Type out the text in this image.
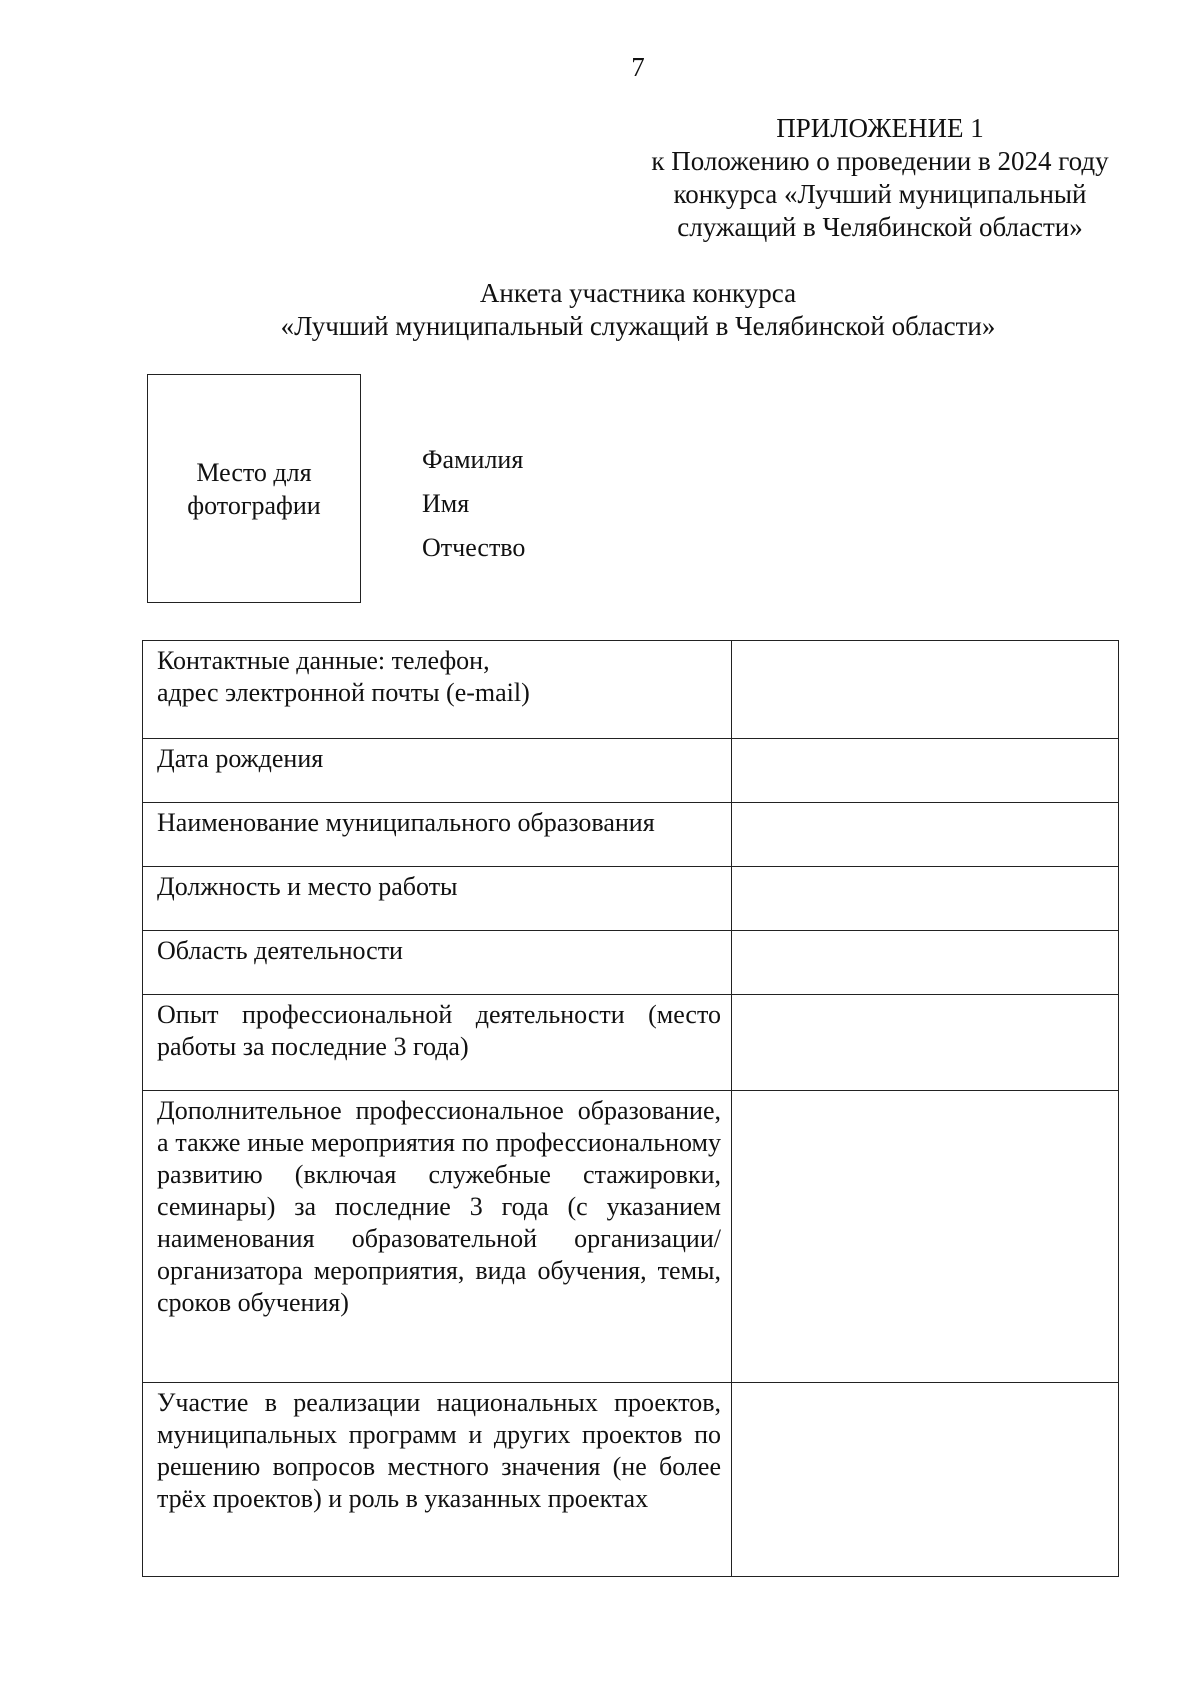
7
ПРИЛОЖЕНИЕ 1
к Положению о проведении в 2024 году
конкурса «Лучший муниципальный
служащий в Челябинской области»
Анкета участника конкурса
«Лучший муниципальный служащий в Челябинской области»
Место для
фотографии
Фамилия
Имя
Отчество
Контактные данные: телефон,
адрес электронной почты (e-mail)	
Дата рождения	
Наименование муниципального образования	
Должность и место работы	
Область деятельности	
Опыт профессиональной деятельности (место работы за последние 3 года)	
Дополнительное профессиональное образование, а также иные мероприятия по профессиональному развитию (включая служебные стажировки, семинары) за последние 3 года (с указанием наименования образовательной организации/организатора мероприятия, вида обучения, темы, сроков обучения)	
Участие в реализации национальных проектов, муниципальных программ и других проектов по решению вопросов местного значения (не более трёх проектов) и роль в указанных проектах	
